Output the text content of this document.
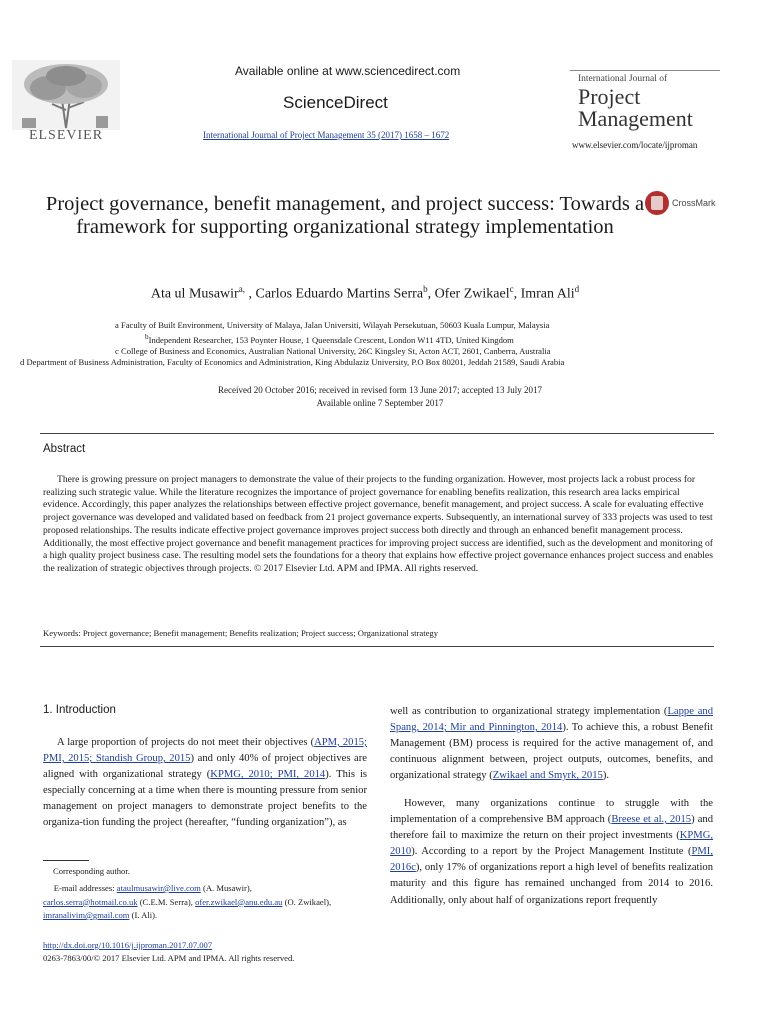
ELSEVIER
Available online at www.sciencedirect.com
ScienceDirect
International Journal of Project Management 35 (2017) 1658 – 1672
International Journal of
Project
Management
www.elsevier.com/locate/ijproman
Project governance, benefit management, and project success: Towards a framework for supporting organizational strategy implementation
CrossMark
Ata ul Musawir$^{a,}$ , Carlos Eduardo Martins Serra$^b$, Ofer Zwikael$^c$, Imran Ali$^d$
a Faculty of Built Environment, University of Malaya, Jalan Universiti, Wilayah Persekutuan, 50603 Kuala Lumpur, Malaysia
$^b$Independent Researcher, 153 Poynter House, 1 Queensdale Crescent, London W11 4TD, United Kingdom
c College of Business and Economics, Australian National University, 26C Kingsley St, Acton ACT, 2601, Canberra, Australia
d Department of Business Administration, Faculty of Economics and Administration, King Abdulaziz University, P.O Box 80201, Jeddah 21589, Saudi Arabia
Received 20 October 2016; received in revised form 13 June 2017; accepted 13 July 2017
Available online 7 September 2017
Abstract
There is growing pressure on project managers to demonstrate the value of their projects to the funding organization. However, most projects lack a robust process for realizing such strategic value. While the literature recognizes the importance of project governance for enabling benefits realization, this research area lacks empirical evidence. Accordingly, this paper analyzes the relationships between effective project governance, benefit management, and project success. A scale for evaluating effective project governance was developed and validated based on feedback from 21 project governance experts. Subsequently, an international survey of 333 projects was used to test proposed relationships. The results indicate effective project governance improves project success both directly and through an enhanced benefit management process. Additionally, the most effective project governance and benefit management practices for improving project success are identified, such as the development and monitoring of a high quality project business case. The resulting model sets the foundations for a theory that explains how effective project governance enhances project success and enables the realization of strategic objectives through projects. © 2017 Elsevier Ltd. APM and IPMA. All rights reserved.
Keywords: Project governance; Benefit management; Benefits realization; Project success; Organizational strategy
1. Introduction
A large proportion of projects do not meet their objectives (APM, 2015; PMI, 2015; Standish Group, 2015) and only 40% of project objectives are aligned with organizational strategy (KPMG, 2010; PMI, 2014). This is especially concerning at a time when there is mounting pressure from senior management on project managers to demonstrate project benefits to the organiza-tion funding the project (hereafter, “funding organization”), as
well as contribution to organizational strategy implementation (Lappe and Spang, 2014; Mir and Pinnington, 2014). To achieve this, a robust Benefit Management (BM) process is required for the active management of, and continuous alignment between, project outputs, outcomes, benefits, and organizational strategy (Zwikael and Smyrk, 2015).
However, many organizations continue to struggle with the implementation of a comprehensive BM approach (Breese et al., 2015) and therefore fail to maximize the return on their project investments (KPMG, 2010). According to a report by the Project Management Institute (PMI, 2016c), only 17% of organizations report a high level of benefits realization maturity and this figure has remained unchanged from 2014 to 2016. Additionally, only about half of organizations report frequently
Corresponding author.
E-mail addresses: ataulmusawir@live.com (A. Musawir),
carlos.serra@hotmail.co.uk (C.E.M. Serra), ofer.zwikael@anu.edu.au (O. Zwikael), imranalivim@gmail.com (I. Ali).
http://dx.doi.org/10.1016/j.ijproman.2017.07.007
0263-7863/00/© 2017 Elsevier Ltd. APM and IPMA. All rights reserved.
